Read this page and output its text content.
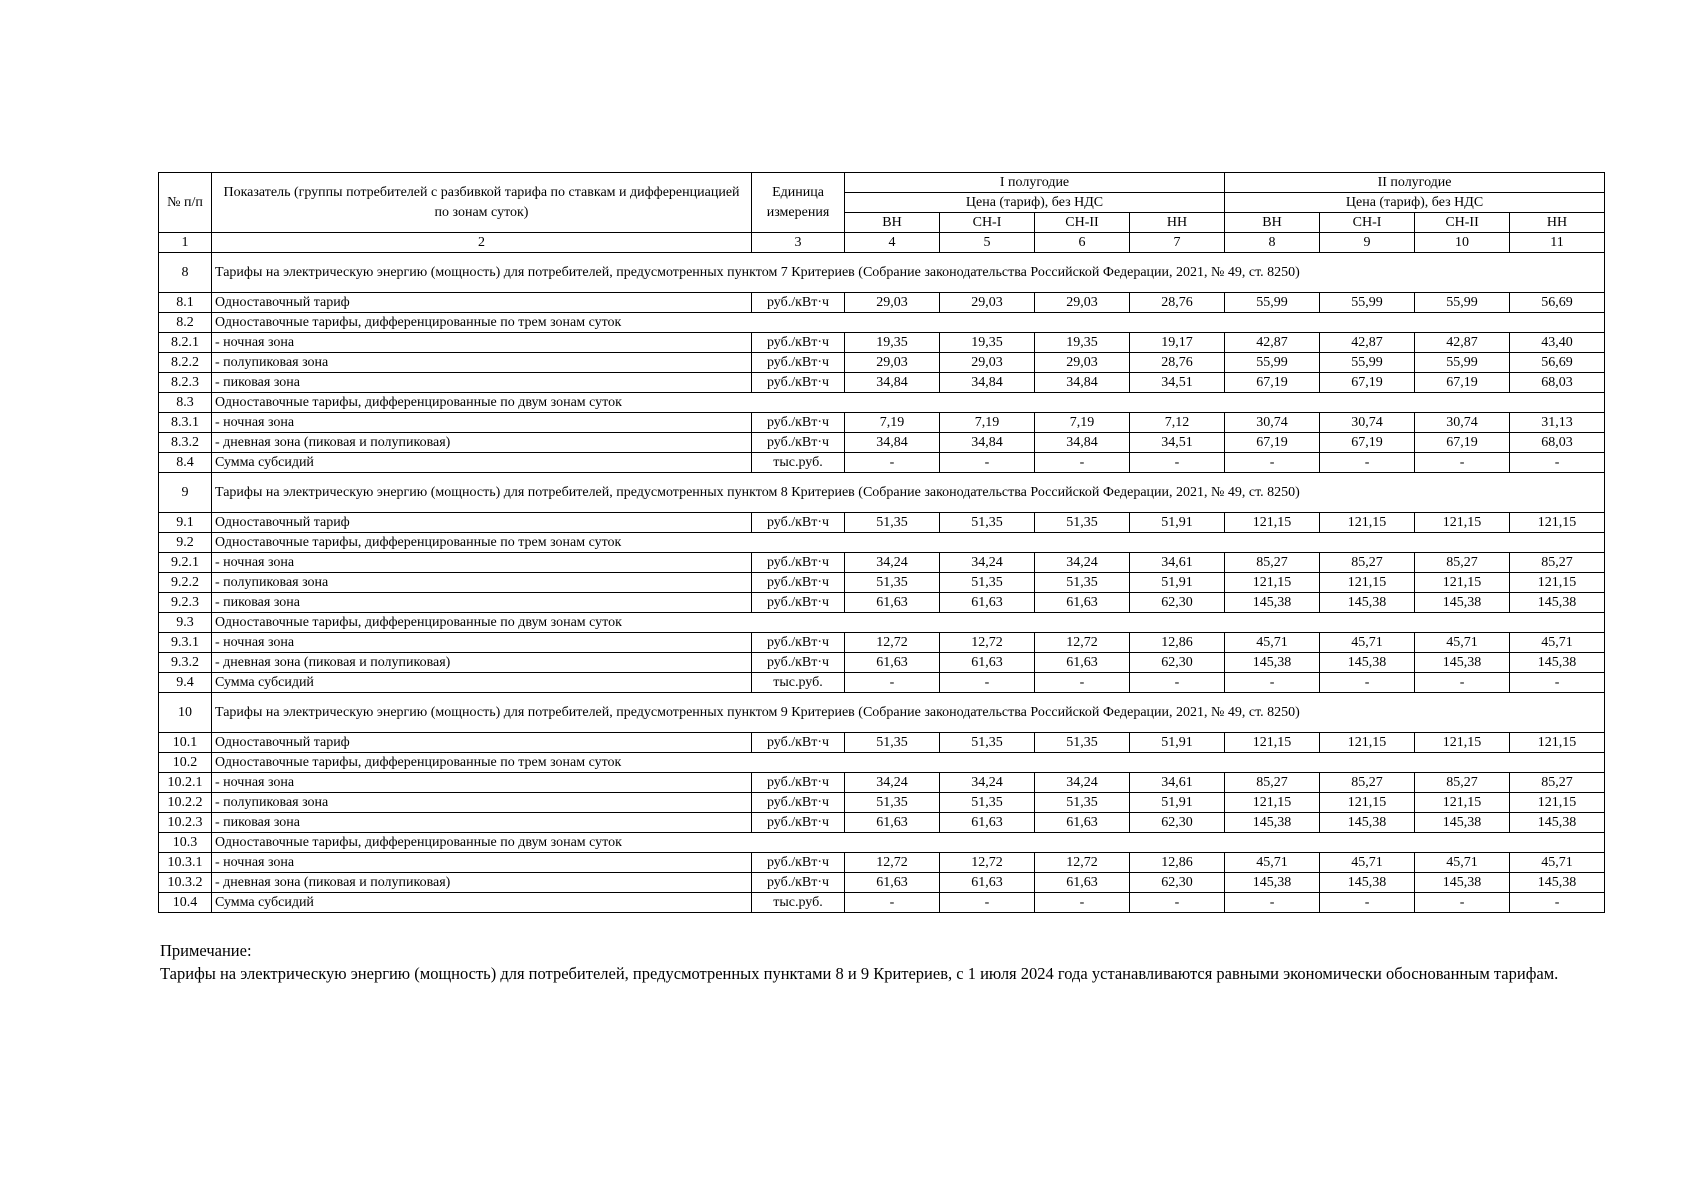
№ п/п	Показатель (группы потребителей с разбивкой тарифа по ставкам и дифференциацией по зонам суток)	Единица измерения	I полугодие				II полугодие			
			Цена (тариф), без НДС				Цена (тариф), без НДС			
			ВН	СН-I	СН-II	НН	ВН	СН-I	СН-II	НН
1	2	3	4	5	6	7	8	9	10	11
8	Тарифы на электрическую энергию (мощность) для потребителей, предусмотренных пунктом 7 Критериев (Собрание законодательства Российской Федерации, 2021, № 49, ст. 8250)									
8.1	Одноставочный тариф	руб./кВт·ч	29,03	29,03	29,03	28,76	55,99	55,99	55,99	56,69
8.2	Одноставочные тарифы, дифференцированные по трем зонам суток									
8.2.1	- ночная зона	руб./кВт·ч	19,35	19,35	19,35	19,17	42,87	42,87	42,87	43,40
8.2.2	- полупиковая зона	руб./кВт·ч	29,03	29,03	29,03	28,76	55,99	55,99	55,99	56,69
8.2.3	- пиковая зона	руб./кВт·ч	34,84	34,84	34,84	34,51	67,19	67,19	67,19	68,03
8.3	Одноставочные тарифы, дифференцированные по двум зонам суток									
8.3.1	- ночная зона	руб./кВт·ч	7,19	7,19	7,19	7,12	30,74	30,74	30,74	31,13
8.3.2	- дневная зона (пиковая и полупиковая)	руб./кВт·ч	34,84	34,84	34,84	34,51	67,19	67,19	67,19	68,03
8.4	Сумма субсидий	тыс.руб.	-	-	-	-	-	-	-	-
9	Тарифы на электрическую энергию (мощность) для потребителей, предусмотренных пунктом 8 Критериев (Собрание законодательства Российской Федерации, 2021, № 49, ст. 8250)									
9.1	Одноставочный тариф	руб./кВт·ч	51,35	51,35	51,35	51,91	121,15	121,15	121,15	121,15
9.2	Одноставочные тарифы, дифференцированные по трем зонам суток									
9.2.1	- ночная зона	руб./кВт·ч	34,24	34,24	34,24	34,61	85,27	85,27	85,27	85,27
9.2.2	- полупиковая зона	руб./кВт·ч	51,35	51,35	51,35	51,91	121,15	121,15	121,15	121,15
9.2.3	- пиковая зона	руб./кВт·ч	61,63	61,63	61,63	62,30	145,38	145,38	145,38	145,38
9.3	Одноставочные тарифы, дифференцированные по двум зонам суток									
9.3.1	- ночная зона	руб./кВт·ч	12,72	12,72	12,72	12,86	45,71	45,71	45,71	45,71
9.3.2	- дневная зона (пиковая и полупиковая)	руб./кВт·ч	61,63	61,63	61,63	62,30	145,38	145,38	145,38	145,38
9.4	Сумма субсидий	тыс.руб.	-	-	-	-	-	-	-	-
10	Тарифы на электрическую энергию (мощность) для потребителей, предусмотренных пунктом 9 Критериев (Собрание законодательства Российской Федерации, 2021, № 49, ст. 8250)									
10.1	Одноставочный тариф	руб./кВт·ч	51,35	51,35	51,35	51,91	121,15	121,15	121,15	121,15
10.2	Одноставочные тарифы, дифференцированные по трем зонам суток									
10.2.1	- ночная зона	руб./кВт·ч	34,24	34,24	34,24	34,61	85,27	85,27	85,27	85,27
10.2.2	- полупиковая зона	руб./кВт·ч	51,35	51,35	51,35	51,91	121,15	121,15	121,15	121,15
10.2.3	- пиковая зона	руб./кВт·ч	61,63	61,63	61,63	62,30	145,38	145,38	145,38	145,38
10.3	Одноставочные тарифы, дифференцированные по двум зонам суток									
10.3.1	- ночная зона	руб./кВт·ч	12,72	12,72	12,72	12,86	45,71	45,71	45,71	45,71
10.3.2	- дневная зона (пиковая и полупиковая)	руб./кВт·ч	61,63	61,63	61,63	62,30	145,38	145,38	145,38	145,38
10.4	Сумма субсидий	тыс.руб.	-	-	-	-	-	-	-	-

Примечание:

Тарифы на электрическую энергию (мощность) для потребителей, предусмотренных пунктами 8 и 9 Критериев, с 1 июля 2024 года устанавливаются равными экономически обоснованным тарифам.
